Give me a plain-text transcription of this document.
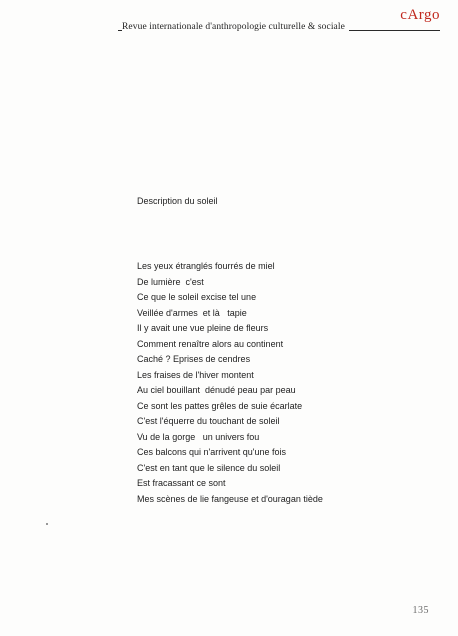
Revue internationale d'anthropologie culturelle & sociale
cArgo
Description du soleil
Les yeux étranglés fourrés de miel
De lumière  c'est
Ce que le soleil excise tel une
Veillée d'armes  et là   tapie
Il y avait une vue pleine de fleurs
Comment renaître alors au continent
Caché ? Eprises de cendres
Les fraises de l'hiver montent
Au ciel bouillant  dénudé peau par peau
Ce sont les pattes grêles de suie écarlate
C'est l'équerre du touchant de soleil
Vu de la gorge   un univers fou
Ces balcons qui n'arrivent qu'une fois
C'est en tant que le silence du soleil
Est fracassant ce sont
Mes scènes de lie fangeuse et d'ouragan tiède
135
